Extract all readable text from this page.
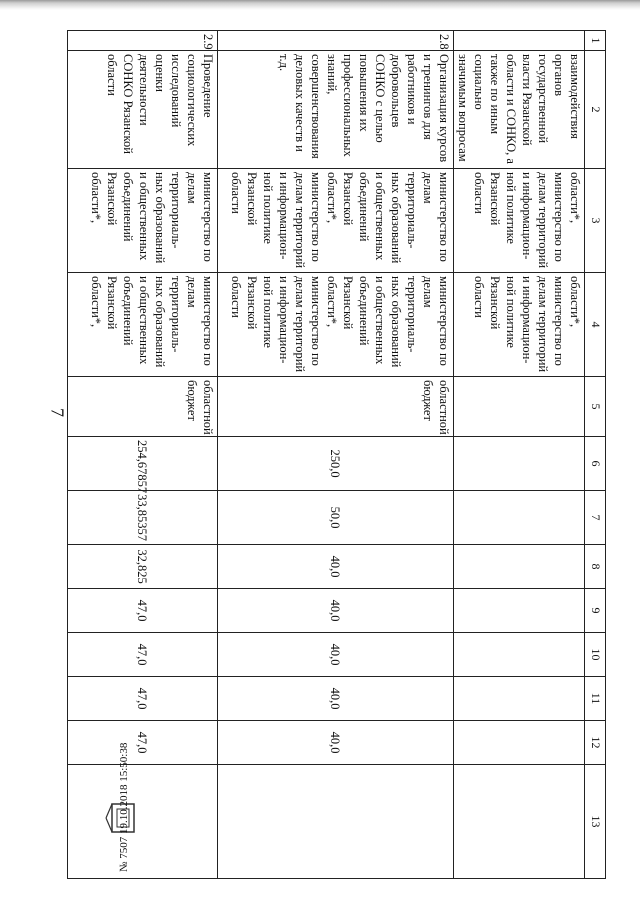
7
1	2	3	4	5	6	7	8	9	10	11	12	13
	взаимодействия органов государственной власти Рязанской области и СОНКО, а также по иным социально значимым вопросам	области*, министерство по делам территорий и информацион-ной политике Рязанской области	области*, министерство по делам территорий и информацион-ной политике Рязанской области									
2.8	Организация курсов и тренингов для работников и добровольцев СОНКО с целью повышения их профессиональных знаний, совершенствования деловых качеств и т.д.	министерство по делам территориаль-ных образований и общественных объединений Рязанской области*, министерство по делам территорий и информацион-ной политике Рязанской области	министерство по делам территориаль-ных образований и общественных объединений Рязанской области*, министерство по делам территорий и информацион-ной политике Рязанской области	областной бюджет	250,0	50,0	40,0	40,0	40,0	40,0	40,0	
2.9	Проведение социологических исследований оценки деятельности СОНКО Рязанской области	министерство по делам территориаль-ных образований и общественных объединений Рязанской области*,	министерство по делам территориаль-ных образований и общественных объединений Рязанской области*,	областной бюджет	254,67857	33,85357	32,825	47,0	47,0	47,0	47,0	
№ 7507 19.10.2018 15:50:38
